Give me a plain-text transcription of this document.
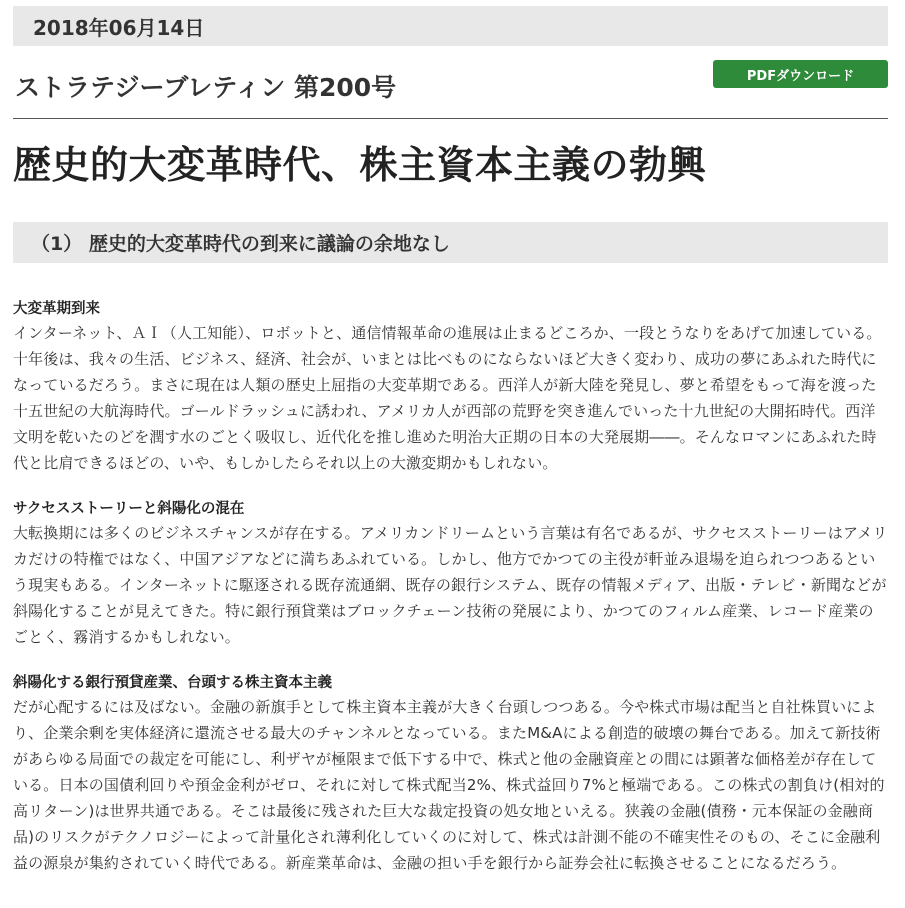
2018年06月14日
ストラテジーブレティン 第200号	PDFダウンロード
歴史的大変革時代、株主資本主義の勃興
（1） 歴史的大変革時代の到来に議論の余地なし
大変革期到来
インターネット、ＡＩ（人工知能）、ロボットと、通信情報革命の進展は止まるどころか、一段とうなりをあげて加速している。十年後は、我々の生活、ビジネス、経済、社会が、いまとは比べものにならないほど大きく変わり、成功の夢にあふれた時代になっているだろう。まさに現在は人類の歴史上屈指の大変革期である。西洋人が新大陸を発見し、夢と希望をもって海を渡った十五世紀の大航海時代。ゴールドラッシュに誘われ、アメリカ人が西部の荒野を突き進んでいった十九世紀の大開拓時代。西洋文明を乾いたのどを潤す水のごとく吸収し、近代化を推し進めた明治大正期の日本の大発展期――。そんなロマンにあふれた時代と比肩できるほどの、いや、もしかしたらそれ以上の大激変期かもしれない。
サクセスストーリーと斜陽化の混在
大転換期には多くのビジネスチャンスが存在する。アメリカンドリームという言葉は有名であるが、サクセスストーリーはアメリカだけの特権ではなく、中国アジアなどに満ちあふれている。しかし、他方でかつての主役が軒並み退場を迫られつつあるという現実もある。インターネットに駆逐される既存流通網、既存の銀行システム、既存の情報メディア、出版・テレビ・新聞などが斜陽化することが見えてきた。特に銀行預貸業はブロックチェーン技術の発展により、かつてのフィルム産業、レコード産業のごとく、霧消するかもしれない。
斜陽化する銀行預貸産業、台頭する株主資本主義
だが心配するには及ばない。金融の新旗手として株主資本主義が大きく台頭しつつある。今や株式市場は配当と自社株買いにより、企業余剰を実体経済に還流させる最大のチャンネルとなっている。またM&Aによる創造的破壊の舞台である。加えて新技術があらゆる局面での裁定を可能にし、利ザヤが極限まで低下する中で、株式と他の金融資産との間には顕著な価格差が存在している。日本の国債利回りや預金金利がゼロ、それに対して株式配当2%、株式益回り7%と極端である。この株式の割負け(相対的高リターン)は世界共通である。そこは最後に残された巨大な裁定投資の処女地といえる。狭義の金融(債務・元本保証の金融商品)のリスクがテクノロジーによって計量化され薄利化していくのに対して、株式は計測不能の不確実性そのもの、そこに金融利益の源泉が集約されていく時代である。新産業革命は、金融の担い手を銀行から証券会社に転換させることになるだろう。
